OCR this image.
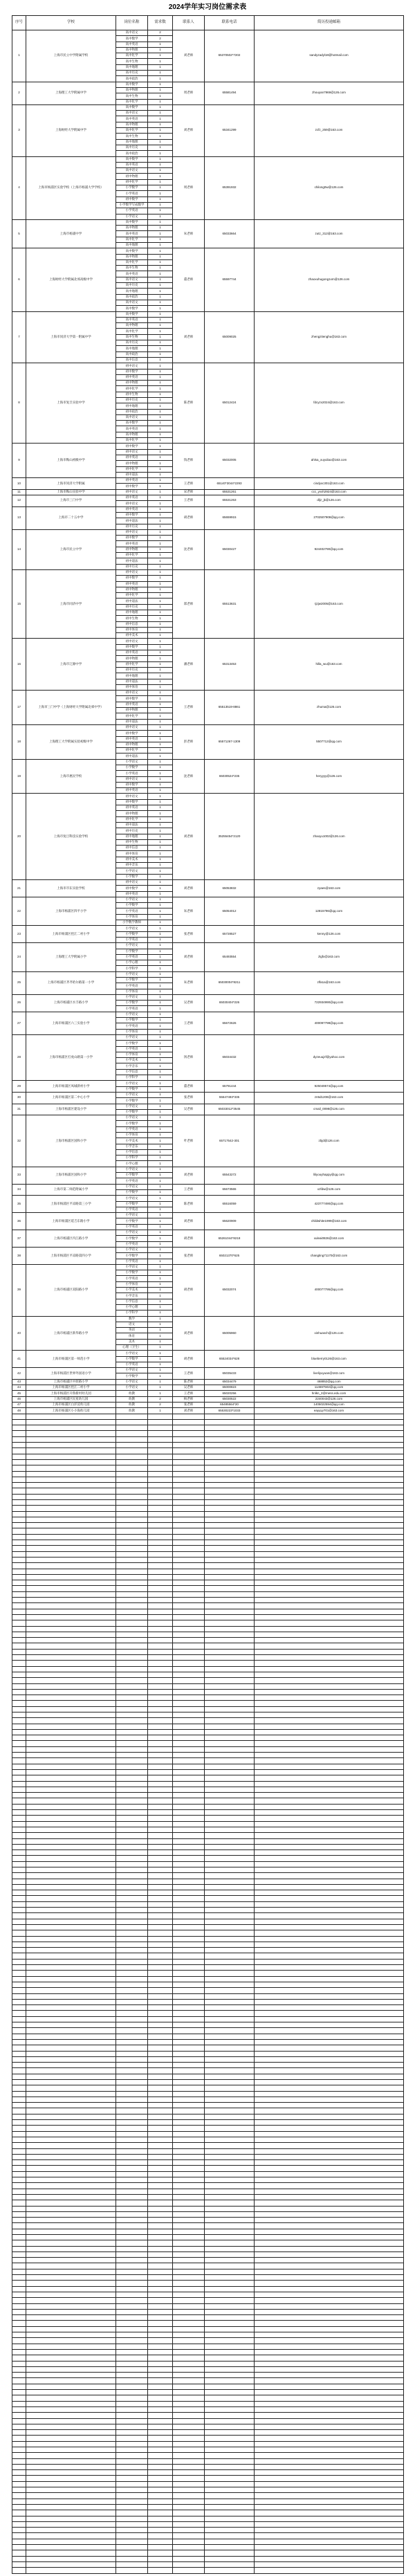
2024学年实习岗位需求表
序号	学校	岗位名称	需求数	联系人	联系电话	简历投递邮箱
1	上海市民立中学附属学校	高中语文	2	刘老师	65370502*7202	sandyzadyl18@hotmail.com
		高中数学	2			
		高中英语	1			
		高中物理	1			
		高中化学	1			
		高中生物	1			
		高中地理	1			
		高中历史	1			
		高中政治	1			
2	上海理工大学附属中学	高中数学	1	周老师	65581494	zhouyan7969@126.com
		高中物理	1			
		高中生物	1			
		高中化学	1			
3	上海财经大学附属中学	高中数学	1	刘老师	65341299	zcfz_259@163.com
		高中语文	1			
		高中英语	1			
		高中物理	1			
		高中化学	1			
		高中生物	1			
		高中地理	1			
		高中历史	1			
		高中政治	1			
4	上海市杨浦区实验学校（上海市杨浦大学学校）	高中数学	1	周老师	65391932	chilong0w@126.com
		高中英语	1			
		高中语文	1			
		初中物理	1			
		初中化学	1			
		小学数学	1			
		小学英语	1			
		初中数学	1			
		小学数学写成数学	1			
		小学英语	1			
		小学语文	1			
5	上海市杨浦中学	高中数学	1	朱老师	65033664	zutz_312@163.com
		高中物理	1			
		高中英语	1			
		高中化学	1			
		高中地理	1			
6	上海财经大学附属北郊高级中学	高中数学	1	董老师	65597744	zhaoxuhugong1xm@126.com
		高中物理	1			
		高中化学	1			
		高中生物	1			
		高中英语	1			
		高中语文	1			
		高中历史	1			
		高中地理	1			
		高中政治	1			
		高中语文	1			
		高中数学	1			
7	上海市同济大学第一附属中学	高中数学	1	刘老师	65009025	zhengzitenghu@163.com
		高中英语	1			
		高中物理	1			
		高中化学	1			
		高中生物	1			
		高中历史	1			
		高中地理	1			
		高中政治	1			
		高中信息	1			
8	上海市复旦实验中学	初中语文	1	陈老师	65012424	fdcyzx2024@163.com
		初中数学	1			
		初中英语	1			
		初中物理	1			
		初中化学	1			
		初中生物	1			
		初中历史	1			
		初中地理	1			
		初中政治	1			
		高中语文	1			
		高中数学	1			
		高中英语	1			
		高中物理	1			
		高中化学	1			
9	上海市鞍山初级中学	初中数学	1	钱老师	65032005	ahlsa_xuyuliao@163.com
		初中语文	1			
		初中英语	1			
		初中物理	1			
		初中化学	1			
		初中道法	1			
10	上海市同济大学附属	初中英语	1	王老师	65140*3044*2293	cindyxc301@163.com
		初中数学	1			
11	上海市鞍山实验中学	初中语文	1	宋老师	65531261	ccc_yvxh2924@163.com
12	上海市三门中学	初中英语	1	王老师	65531263	dljz_jk@126.com
		初中语文	1			
13	上海市二十五中学	初中英语	1	胡老师	65659915	2702507908@qq.com
		初中数学	1			
		初中道法	1			
		初中历史	1			
14	上海市民立中学	初中语文	1	沈老师	65030427	924402790@qq.com
		初中数学	1			
		初中英语	1			
		初中物理	1			
		初中化学	1			
		初中道法	1			
		初中历史	1			
15	上海市同济中学	初中语文	1	郑老师	65513631	tjzjw2005@163.com
		初中数学	1			
		初中英语	1			
		初中物理	1			
		初中化学	1			
		初中道法	1			
		初中历史	1			
		初中地理	1			
		初中生物	1			
		初中信息	1			
		初中体育	1			
		初中美术	1			
16	上海市辽源中学	初中语文	1	潘老师	65313453	hilla_wu@163.com
		初中数学	1			
		初中英语	1			
		初中物理	1			
		初中化学	1			
		初中历史	1			
		初中地理	1			
		初中道法	1			
		初中体育	1			
17	上海市三门中学（上海财经大学附属北郊中学）	初中语文	1	王老师	65513519-8861	zhuma@126.com
		初中数学	1			
		初中英语	1			
		初中物理	1			
		初中化学	1			
		初中道法	1			
18	上海理工大学附属实验初级中学	初中语文	1	彭老师	65571267-1309	5507712@qq.com
		初中数学	1			
		初中英语	1			
		初中物理	1			
		初中化学	1			
		初中道法	1			
19	上海市惠民学校	小学语文	1	沈老师	65030524*235	heryyyy@126.com
		小学数学	1			
		小学英语	1			
		初中语文	1			
		初中数学	1			
		初中英语	1			
20	上海市复旦科技实验学校	初中语文	1	刘老师	35255454*2120	zhaoyu1002@126.com
		初中数学	1			
		初中英语	1			
		初中物理	1			
		初中化学	1			
		初中道法	1			
		初中历史	1			
		初中地理	1			
		初中生物	1			
		初中信息	1			
		初中体育	1			
		初中美术	1			
		初中音乐	1			
		小学语文	1			
		小学数学	1			
21	上海市市东实验学校	初中语文	1	刘老师	65053832	zyaes@163.com
		初中数学	1			
		初中英语	1			
22	上海市杨浦区四平小学	小学语文	1	朱老师	65054012	12815796@qq.com
		小学数学	1			
		小学英语	1			
		小学体育	1			
		小学数学教师	1			
23	上海市杨浦区控江二村小学	小学语文	1	张老师	65728527	kenny@126.com
		小学数学	1			
		小学英语	1			
24	上海理工大学附属小学	小学语文	1	刘老师	65493554	zlgfx@163.com
		小学数学	1			
		小学英语	1			
		小学心理	1			
		小学科学	1			
25	上海市杨浦区齐齐哈尔路第一小学	小学语文	1	朱老师	65030004*8211	zlfa1a@163.com
		小学数学	1			
		小学英语	1			
		小学体育	1			
26	上海市杨浦区水丰路小学	小学语文	1	吴老师	65030404*226	722934990@qq.com
		小学数学	1			
		小学英语	1			
27	上海市杨浦区六三实验小学	小学语文	1	王老师	65672626	400097798@qq.com
		小学数学	1			
		小学英语	1			
		小学体育	1			
28	上海市杨浦区打虎山路第一小学	小学语文	1	汤老师	65034432	dyzeuujzf@yahoo.com
		小学数学	1			
		小学英语	1			
		小学体育	1			
		小学美术	1			
		小学音乐	1			
		小学信息	1			
		小学科学	1			
29	上海市杨浦区凤城新村小学	小学语文	1	董老师	65791444	925049574@qq.com
		小学数学	1			
30	上海市杨浦区第二中心小学	小学语文	1	张老师	55547493*335	zn5d1208@163.com
		小学数学	1			
31	上海市杨浦区建设小学	小学语文	1	吴老师	65033012*3545	cmail_0098@126.com
		小学数学	1			
32	上海市杨浦区国和小学	小学语文	1	叶老师	65717542-301	zbjd@126.com
		小学数学	1			
		小学英语	1			
		小学体育	1			
		小学美术	1			
		小学音乐	1			
		小学信息	1			
		小学科学	1			
		小学心理	1			
33	上海市杨浦区国和小学	小学语文	1	刘老师	65543272	liliyouyhappy@qq.com
		小学数学	1			
		小学英语	1			
34	上海市第二师范附属小学	小学语文	1	王老师	65673565	xzfdw@126.com
		小学数学	1			
35	上海市杨浦区平凉路第三小学	小学语文	1	陈老师	65516059	423777490@qq.com
		小学数学	1			
		小学英语	1			
36	上海市杨浦区延吉东路小学	小学语文	1	刘老师	65620909	childwhite1999@163.com
		小学数学	1			
		小学英语	1			
37	上海市杨浦区内江路小学	小学语文	1	胡老师	65261044*8218	xuleai0826@163.com
		小学数学	1			
		小学英语	1			
38	上海市杨浦区平凉路第四小学	小学语文	1	张老师	65021370*625	changting71170@163.com
		小学数学	1			
		小学英语	1			
39	上海市杨浦区双阳路小学	小学语文	1	胡老师	65032074	400077795@qq.com
		小学数学	1			
		小学英语	1			
		小学体育	1			
		小学美术	1			
		小学音乐	1			
		小学信息	1			
		小学心理	1			
		小学科学	1			
40	上海市杨浦区新华路小学	数学	1	刘老师	65005960	xinhuasch@126.com
		语文	1			
		英语	1			
		体育	1			
		美术	1			
		心理（卫生）	1			
41	上海市杨浦区第一师范小学	小学语文	1	胡老师	65524034*628	blueberry0126@163.com
		小学数学	1			
		小学英语	1			
42	上海市杨浦区世界外国语小学	小学语文	1	王老师	65035433	liveliyuyuan@163.com
		小学数学	1			
43	上海市杨浦区中原路小学	小学语文	1	陈老师	65034479	468852@qq.com
44	上海市杨浦区控江二村小学	小学语文	1	吴老师	65000823	114697502@qq.com
45	上海市杨浦区开鲁新村幼儿园	幼教	1	王老师	65020256	hnlkn_2@mess.edu.com
46	上海市杨浦区民星幼儿园	幼教	2	杨老师	65030522	2240043@126.com
47	上海市杨浦区白洋淀幼儿园	幼教	2	张老师	65485564*20	1405022594@qq.com
48	上海市杨浦区小小海幼儿园	幼教	1	刘老师	65530223*1033	eayyyy701@163.com
